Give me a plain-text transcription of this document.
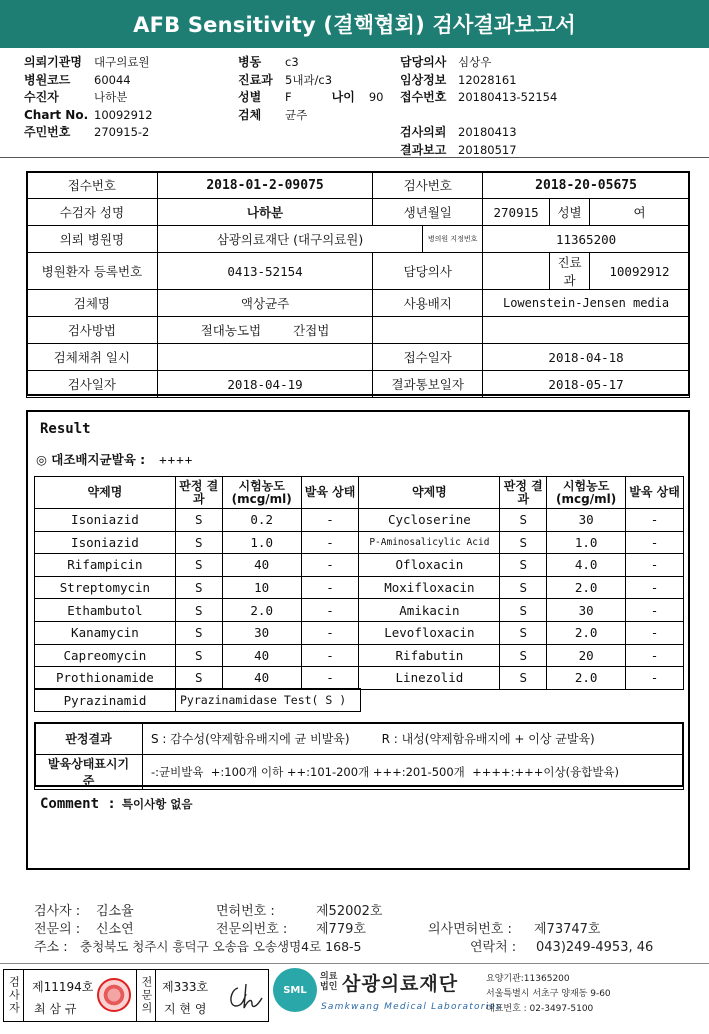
AFB Sensitivity (결핵협회) 검사결과보고서
의뢰기관명	대구의료원
병원코드	60044
수진자	나하분
Chart No. 10092912
주민번호	270915-2
병동	c3
진료과	5내과/c3
성별	F	나이 90
검체	균주
담당의사	심상우
임상정보	12028161
접수번호	20180413-52154
검사의뢰	20180413
결과보고	20180517
접수번호	2018-01-2-09075	검사번호		2018-20-05675		
수검자 성명	나하분	생년월일		270915	성별	여
의뢰 병원명	삼광의료재단 (대구의료원)		병의원 지정번호	11365200		
병원환자 등록번호	0413-52154	담당의사			진료과	10092912
검체명	액상균주	사용배지		Lowenstein-Jensen media		
검사방법	절대농도법 간접법					
검체채취 일시		접수일자		2018-04-18		
검사일자	2018-04-19	결과통보일자		2018-05-17		
Result
◎ 대조배지균발육 : ++++
약제명	판정 결과	시험농도 (mcg/ml)	발육 상태	약제명	판정 결과	시험농도 (mcg/ml)	발육 상태
Isoniazid	S	0.2	-	Cycloserine	S	30	-
Isoniazid	S	1.0	-	P-Aminosalicylic Acid	S	1.0	-
Rifampicin	S	40	-	Ofloxacin	S	4.0	-
Streptomycin	S	10	-	Moxifloxacin	S	2.0	-
Ethambutol	S	2.0	-	Amikacin	S	30	-
Kanamycin	S	30	-	Levofloxacin	S	2.0	-
Capreomycin	S	40	-	Rifabutin	S	20	-
Prothionamide	S	40	-	Linezolid	S	2.0	-
Pyrazinamid	Pyrazinamidase Test( S )
판정결과	S : 감수성(약제함유배지에 균 비발육) R : 내성(약제함유배지에 + 이상 균발육)
발육상태표시기준	-:균비발육  +:100개 이하 ++:101-200개 +++:201-500개  ++++:+++이상(융합발육)
Comment : 특이사항 없음
검사자 : 김소율	면허번호 :	제52002호
전문의 : 신소연	전문의번호 : 제779호	의사면허번호 : 제73747호
주소 : 충청북도 청주시 흥덕구 오송읍 오송생명4로 168-5	연락처 : 043)249-4953, 46
검사자 제11194호
최 삼 규	전문의 제333호
지 현 영
SML
의료법인 삼광의료재단
Samkwang Medical Laboratories
요양기관:11365200
서울특별시 서초구 양재동 9-60
대표번호 : 02-3497-5100
